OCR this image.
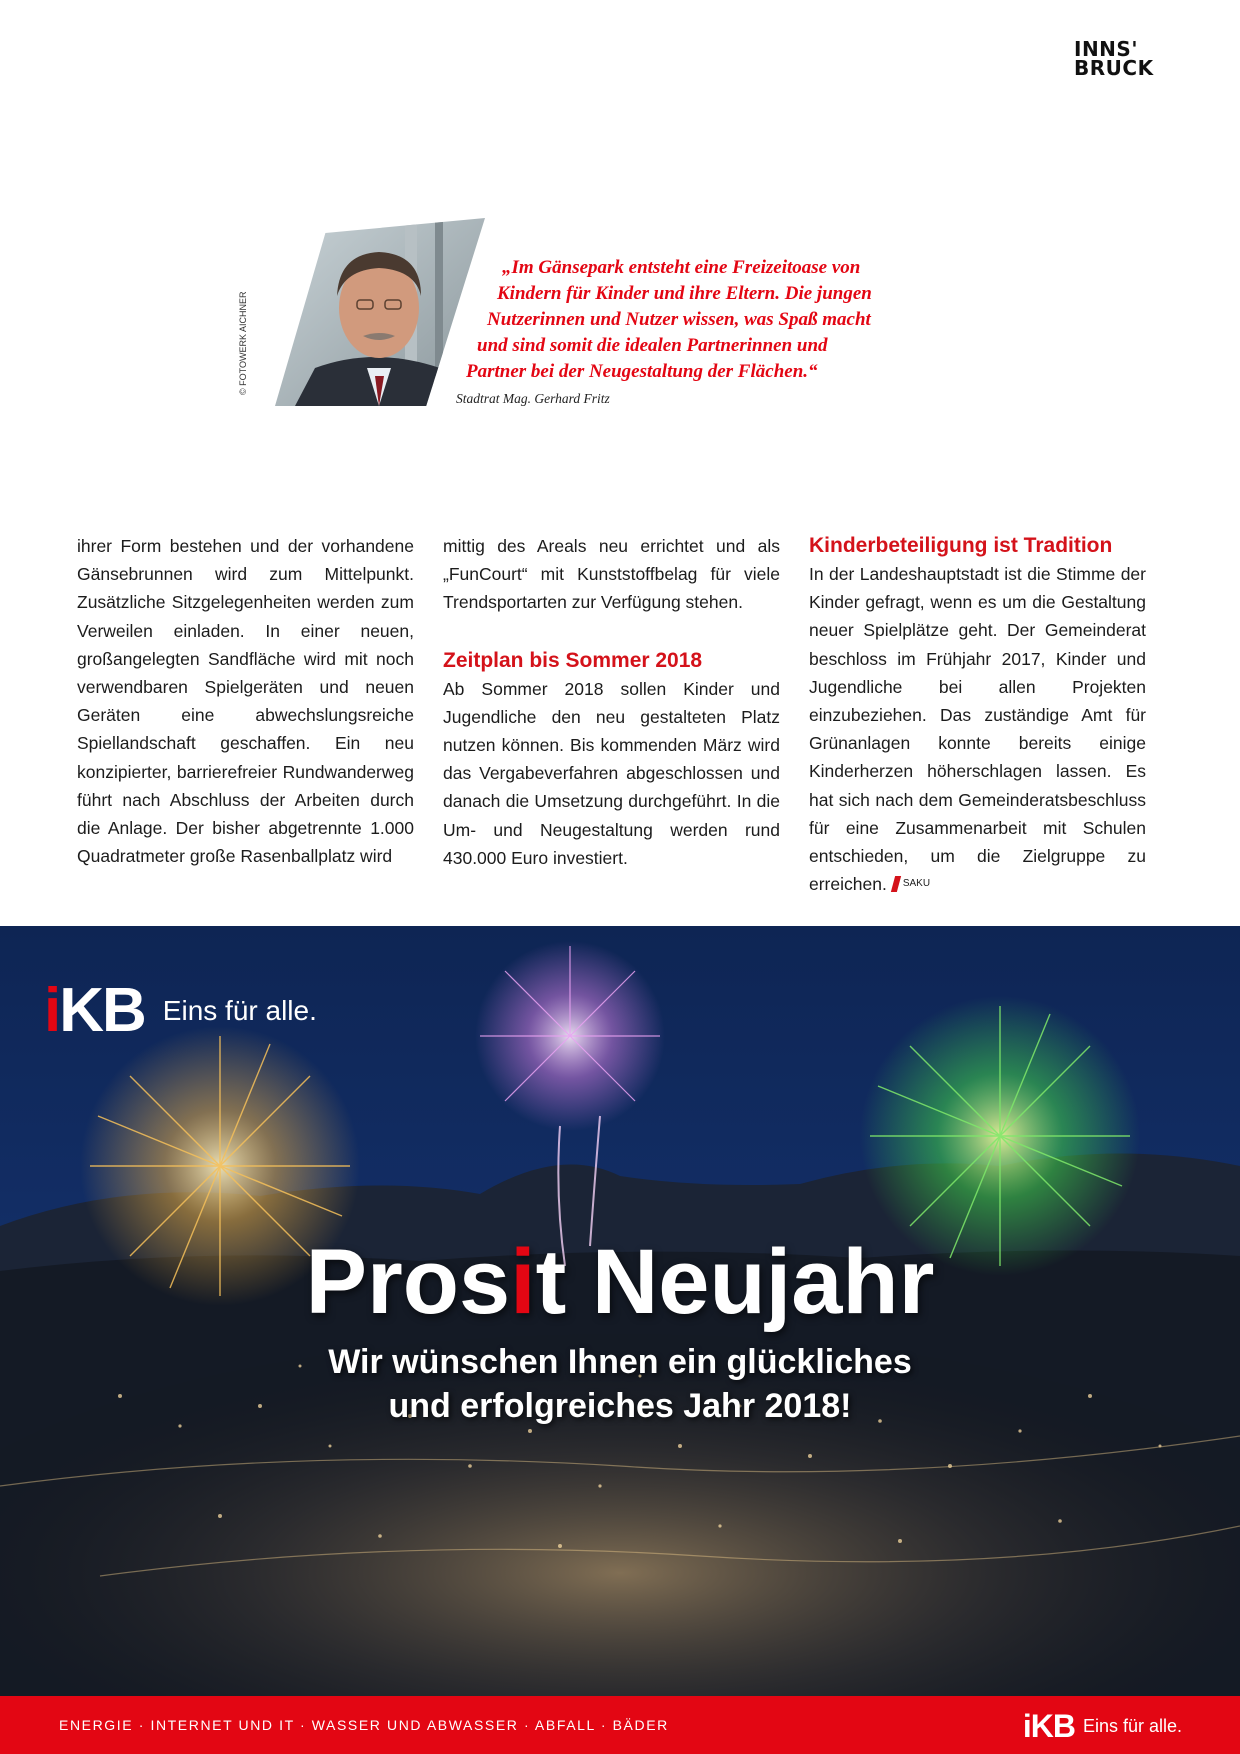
INNS'
BRUCK
© FOTOWERK AICHNER
„Im Gänsepark entsteht eine Freizeitoase von
Kindern für Kinder und ihre Eltern. Die jungen
Nutzerinnen und Nutzer wissen, was Spaß macht
und sind somit die idealen Partnerinnen und
Partner bei der Neugestaltung der Flächen.“
Stadtrat Mag. Gerhard Fritz

ihrer Form bestehen und der vorhandene Gänsebrunnen wird zum Mittelpunkt. Zusätzliche Sitzgelegenheiten werden zum Verweilen einladen. In einer neuen, großangelegten Sandfläche wird mit noch verwendbaren Spielgeräten und neuen Geräten eine abwechslungsreiche Spiellandschaft geschaffen. Ein neu konzipierter, barrierefreier Rundwanderweg führt nach Abschluss der Arbeiten durch die Anlage. Der bisher abgetrennte 1.000 Quadratmeter große Rasenballplatz wird

mittig des Areals neu errichtet und als „FunCourt“ mit Kunststoffbelag für viele Trendsportarten zur Verfügung stehen.

Zeitplan bis Sommer 2018

Ab Sommer 2018 sollen Kinder und Jugendliche den neu gestalteten Platz nutzen können. Bis kommenden März wird das Vergabeverfahren abgeschlossen und danach die Umsetzung durchgeführt. In die Um- und Neugestaltung werden rund 430.000 Euro investiert.

Kinderbeteiligung ist Tradition

In der Landeshauptstadt ist die Stimme der Kinder gefragt, wenn es um die Gestaltung neuer Spielplätze geht. Der Gemeinderat beschloss im Frühjahr 2017, Kinder und Jugendliche bei allen Projekten einzubeziehen. Das zuständige Amt für Grünanlagen konnte bereits einige Kinderherzen höherschlagen lassen. Es hat sich nach dem Gemeinderatsbeschluss für eine Zusammenarbeit mit Schulen entschieden, um die Zielgruppe zu erreichen. $^{SAKU}$

iKB Eins für alle.
Prosit Neujahr
Wir wünschen Ihnen ein glückliches
und erfolgreiches Jahr 2018!
ENERGIE · INTERNET UND IT · WASSER UND ABWASSER · ABFALL · BÄDER	iKB Eins für alle.
